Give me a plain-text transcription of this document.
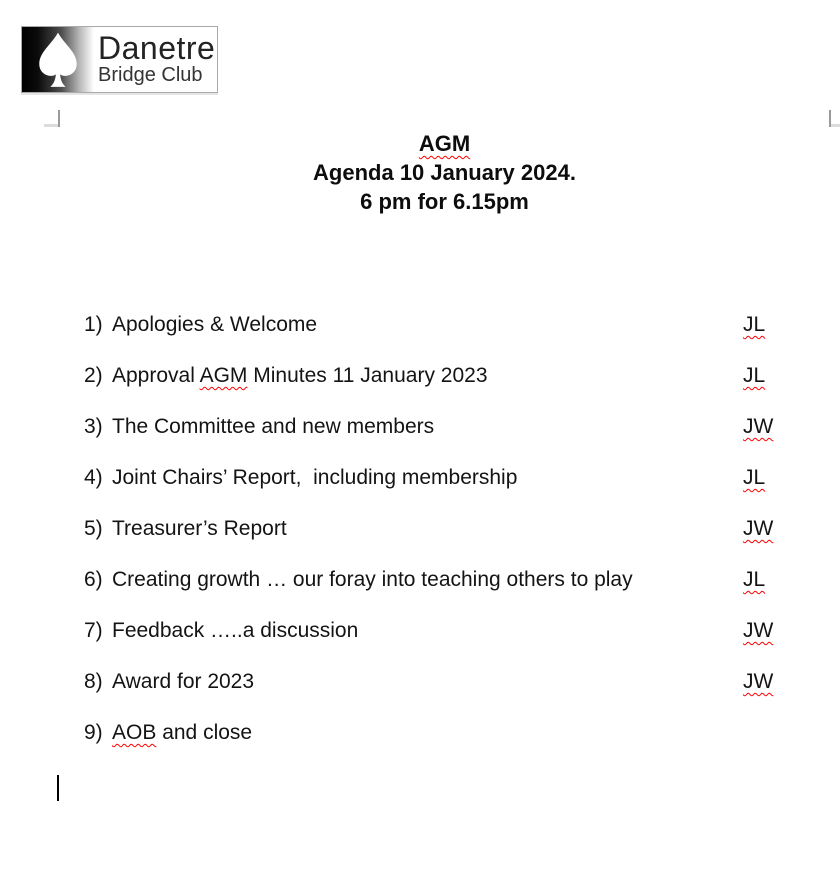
Danetre
Bridge Club
AGM
Agenda 10 January 2024.
6 pm for 6.15pm
1) Apologies & Welcome	JL
2) Approval AGM Minutes 11 January 2023	JL
3) The Committee and new members	JW
4) Joint Chairs’ Report,  including membership	JL
5) Treasurer’s Report	JW
6) Creating growth … our foray into teaching others to play	JL
7) Feedback …..a discussion	JW
8) Award for 2023	JW
9) AOB and close
